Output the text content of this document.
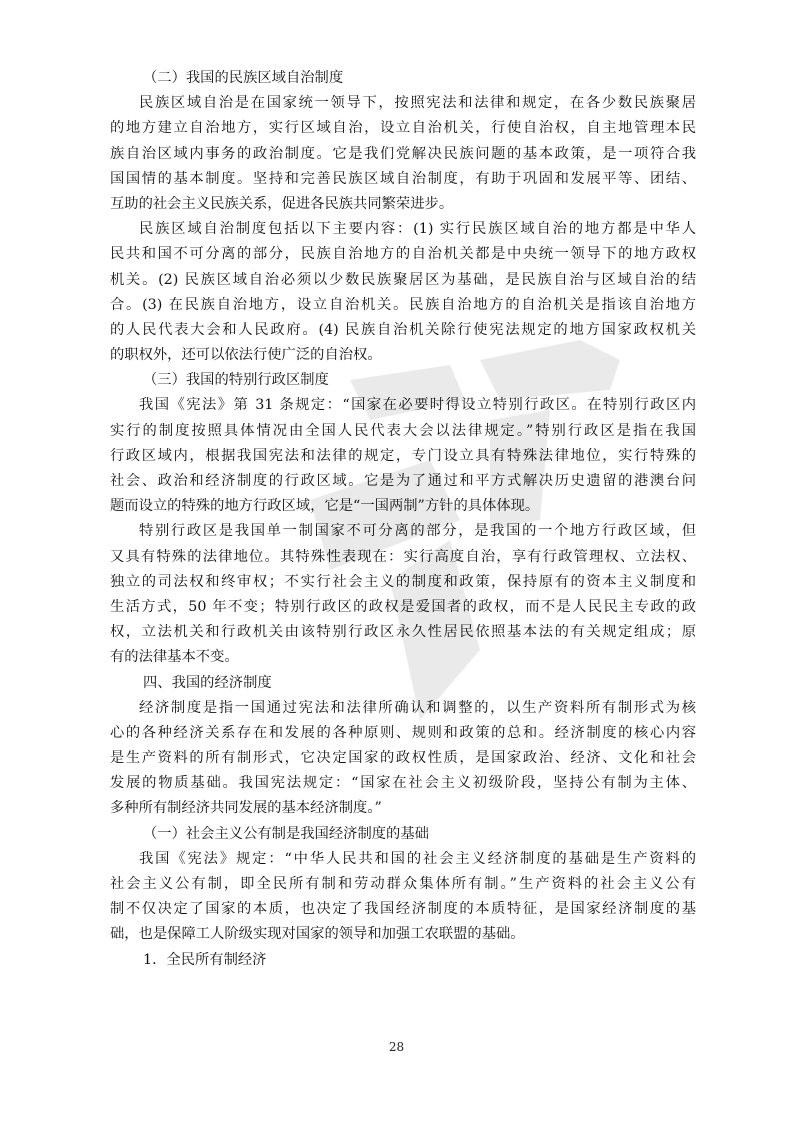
（二）我国的民族区域自治制度
民族区域自治是在国家统一领导下，按照宪法和法律和规定，在各少数民族聚居
的地方建立自治地方，实行区域自治，设立自治机关，行使自治权，自主地管理本民
族自治区域内事务的政治制度。它是我们党解决民族问题的基本政策，是一项符合我
国国情的基本制度。坚持和完善民族区域自治制度，有助于巩固和发展平等、团结、
互助的社会主义民族关系，促进各民族共同繁荣进步。
民族区域自治制度包括以下主要内容：(1) 实行民族区域自治的地方都是中华人
民共和国不可分离的部分，民族自治地方的自治机关都是中央统一领导下的地方政权
机关。(2) 民族区域自治必须以少数民族聚居区为基础，是民族自治与区域自治的结
合。(3) 在民族自治地方，设立自治机关。民族自治地方的自治机关是指该自治地方
的人民代表大会和人民政府。(4) 民族自治机关除行使宪法规定的地方国家政权机关
的职权外，还可以依法行使广泛的自治权。
（三）我国的特别行政区制度
我国《宪法》第 31 条规定：“国家在必要时得设立特别行政区。在特别行政区内
实行的制度按照具体情况由全国人民代表大会以法律规定。”特别行政区是指在我国
行政区域内，根据我国宪法和法律的规定，专门设立具有特殊法律地位，实行特殊的
社会、政治和经济制度的行政区域。它是为了通过和平方式解决历史遗留的港澳台问
题而设立的特殊的地方行政区域，它是“一国两制”方针的具体体现。
特别行政区是我国单一制国家不可分离的部分，是我国的一个地方行政区域，但
又具有特殊的法律地位。其特殊性表现在：实行高度自治，享有行政管理权、立法权、
独立的司法权和终审权；不实行社会主义的制度和政策，保持原有的资本主义制度和
生活方式，50 年不变；特别行政区的政权是爱国者的政权，而不是人民民主专政的政
权，立法机关和行政机关由该特别行政区永久性居民依照基本法的有关规定组成；原
有的法律基本不变。
四、我国的经济制度
经济制度是指一国通过宪法和法律所确认和调整的，以生产资料所有制形式为核
心的各种经济关系存在和发展的各种原则、规则和政策的总和。经济制度的核心内容
是生产资料的所有制形式，它决定国家的政权性质，是国家政治、经济、文化和社会
发展的物质基础。我国宪法规定：“国家在社会主义初级阶段，坚持公有制为主体、
多种所有制经济共同发展的基本经济制度。”
（一）社会主义公有制是我国经济制度的基础
我国《宪法》规定：“中华人民共和国的社会主义经济制度的基础是生产资料的
社会主义公有制，即全民所有制和劳动群众集体所有制。”生产资料的社会主义公有
制不仅决定了国家的本质，也决定了我国经济制度的本质特征，是国家经济制度的基
础，也是保障工人阶级实现对国家的领导和加强工农联盟的基础。
1．全民所有制经济
28
